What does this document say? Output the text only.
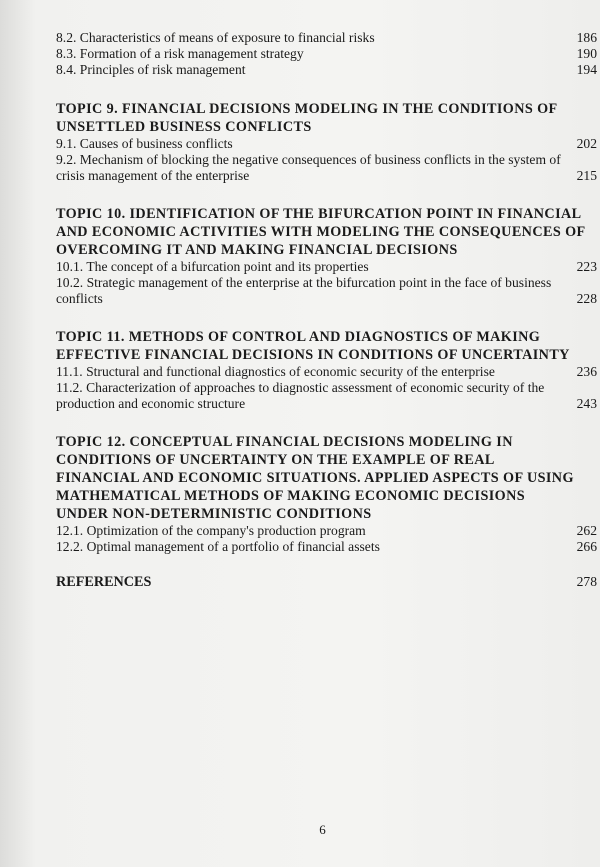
8.2. Characteristics of means of exposure to financial risks	186
8.3. Formation of a risk management strategy	190
8.4. Principles of risk management	194
TOPIC 9. FINANCIAL DECISIONS MODELING IN THE CONDITIONS OF UNSETTLED BUSINESS CONFLICTS
9.1. Causes of business conflicts	202
9.2. Mechanism of blocking the negative consequences of business conflicts in the system of crisis management of the enterprise	215
TOPIC 10. IDENTIFICATION OF THE BIFURCATION POINT IN FINANCIAL AND ECONOMIC ACTIVITIES WITH MODELING THE CONSEQUENCES OF OVERCOMING IT AND MAKING FINANCIAL DECISIONS
10.1. The concept of a bifurcation point and its properties	223
10.2. Strategic management of the enterprise at the bifurcation point in the face of business conflicts	228
TOPIC 11. METHODS OF CONTROL AND DIAGNOSTICS OF MAKING EFFECTIVE FINANCIAL DECISIONS IN CONDITIONS OF UNCERTAINTY
11.1. Structural and functional diagnostics of economic security of the enterprise	236
11.2. Characterization of approaches to diagnostic assessment of economic security of the production and economic structure	243
TOPIC 12. CONCEPTUAL FINANCIAL DECISIONS MODELING IN CONDITIONS OF UNCERTAINTY ON THE EXAMPLE OF REAL FINANCIAL AND ECONOMIC SITUATIONS. APPLIED ASPECTS OF USING MATHEMATICAL METHODS OF MAKING ECONOMIC DECISIONS UNDER NON-DETERMINISTIC CONDITIONS
12.1. Optimization of the company's production program	262
12.2. Optimal management of a portfolio of financial assets	266
REFERENCES	278
6
